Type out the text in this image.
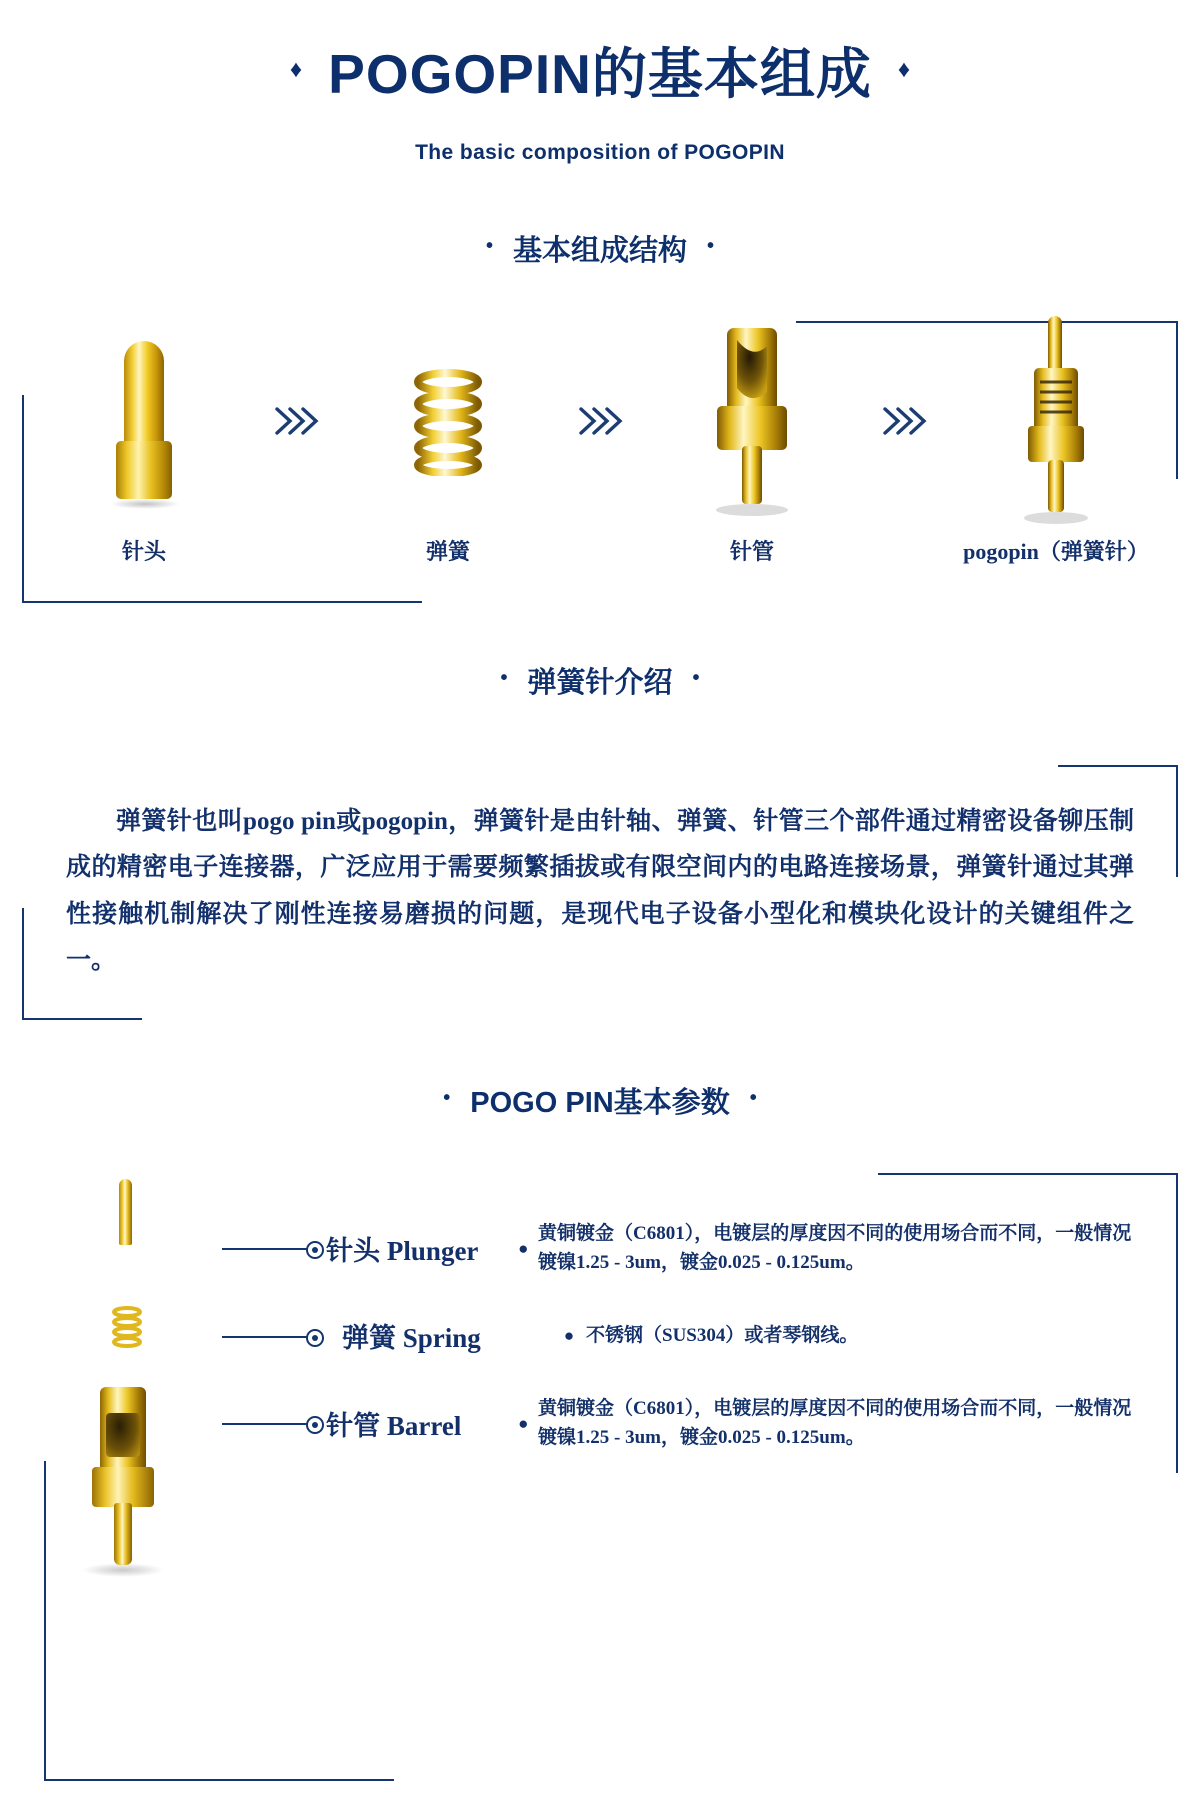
♦ POGOPIN的基本组成 ♦
The basic composition of POGOPIN
• 基本组成结构 •
针头	弹簧	针管	pogopin（弹簧针）
• 弹簧针介绍 •
弹簧针也叫pogo pin或pogopin，弹簧针是由针轴、弹簧、针管三个部件通过精密设备铆压制成的精密电子连接器，广泛应用于需要频繁插拔或有限空间内的电路连接场景，弹簧针通过其弹性接触机制解决了刚性连接易磨损的问题，是现代电子设备小型化和模块化设计的关键组件之一。
• POGO PIN基本参数 •
针头 Plunger	●
黄铜镀金（C6801），电镀层的厚度因不同的使用场合而不同，一般情况镀镍1.25 - 3um，镀金0.025 - 0.125um。
弹簧 Spring	● 不锈钢（SUS304）或者琴钢线。
针管 Barrel	●
黄铜镀金（C6801），电镀层的厚度因不同的使用场合而不同，一般情况镀镍1.25 - 3um，镀金0.025 - 0.125um。
